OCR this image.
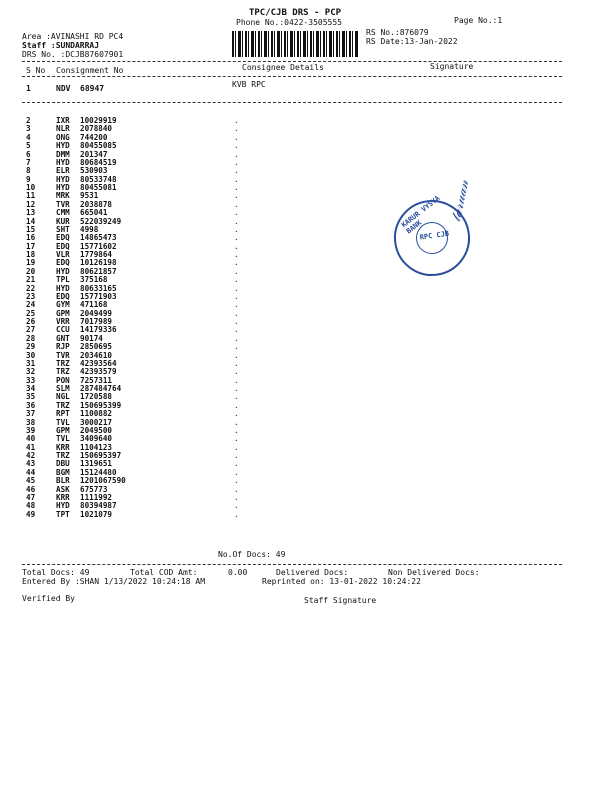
TPC/CJB DRS - PCP
Phone No.:0422-3505555	Page No.:1
Area :AVINASHI RD PC4
Staff :SUNDARRAJ
DRS No. :DCJB87607901
RS No.:876079
RS Date:13-Jan-2022
S No Consignment No	Consignee Details	Signature
1	NDV 68947	KVB RPC
2	IXR 10029919	.
3	NLR 2078840	.
4	ONG 744200	.
5	HYD 80455085	.
6	DMM 201347	.
7	HYD 80684519	.
8	ELR 530903	.
9	HYD 80533748	.
10	HYD 80455081	.
11	MRK 9531	.
12	TVR 2038878	.
13	CMM 665041	.
14	KUR 522039249	.
15	SHT 4998	.
16	EDQ 14865473	.
17	EDQ 15771602	.
18	VLR 1779864	.
19	EDQ 10126198	.
20	HYD 80621857	.
21	TPL 375168	.
22	HYD 80633165	.
23	EDQ 15771903	.
24	GYM 471168	.
25	GPM 2049499	.
26	VRR 7017989	.
27	CCU 14179336	.
28	GNT 90174	.
29	RJP 2850695	.
30	TVR 2034610	.
31	TRZ 42393564	.
32	TRZ 42393579	.
33	PON 7257311	.
34	SLM 287484764	.
35	NGL 1720588	.
36	TRZ 150695399	.
37	RPT 1100882	.
38	TVL 3000217	.
39	GPM 2049500	.
40	TVL 3409640	.
41	KRR 1104123	.
42	TRZ 150695397	.
43	DBU 1319651	.
44	BGM 15124480	.
45	BLR 1201067590	.
46	ASK 675773	.
47	KRR 1111992	.
48	HYD 80394987	.
49	TPT 1021079	.
KARUR VYSYA BANK
RPC CJB
𝓉𝒶𝓇𝓊𝒶𝓃
No.Of Docs: 49
Total Docs: 49	Total COD Amt:	0.00	Delivered Docs:	Non Delivered Docs:
Entered By :SHAN 1/13/2022 10:24:18 AM	Reprinted on: 13-01-2022 10:24:22
Verified By	Staff Signature
